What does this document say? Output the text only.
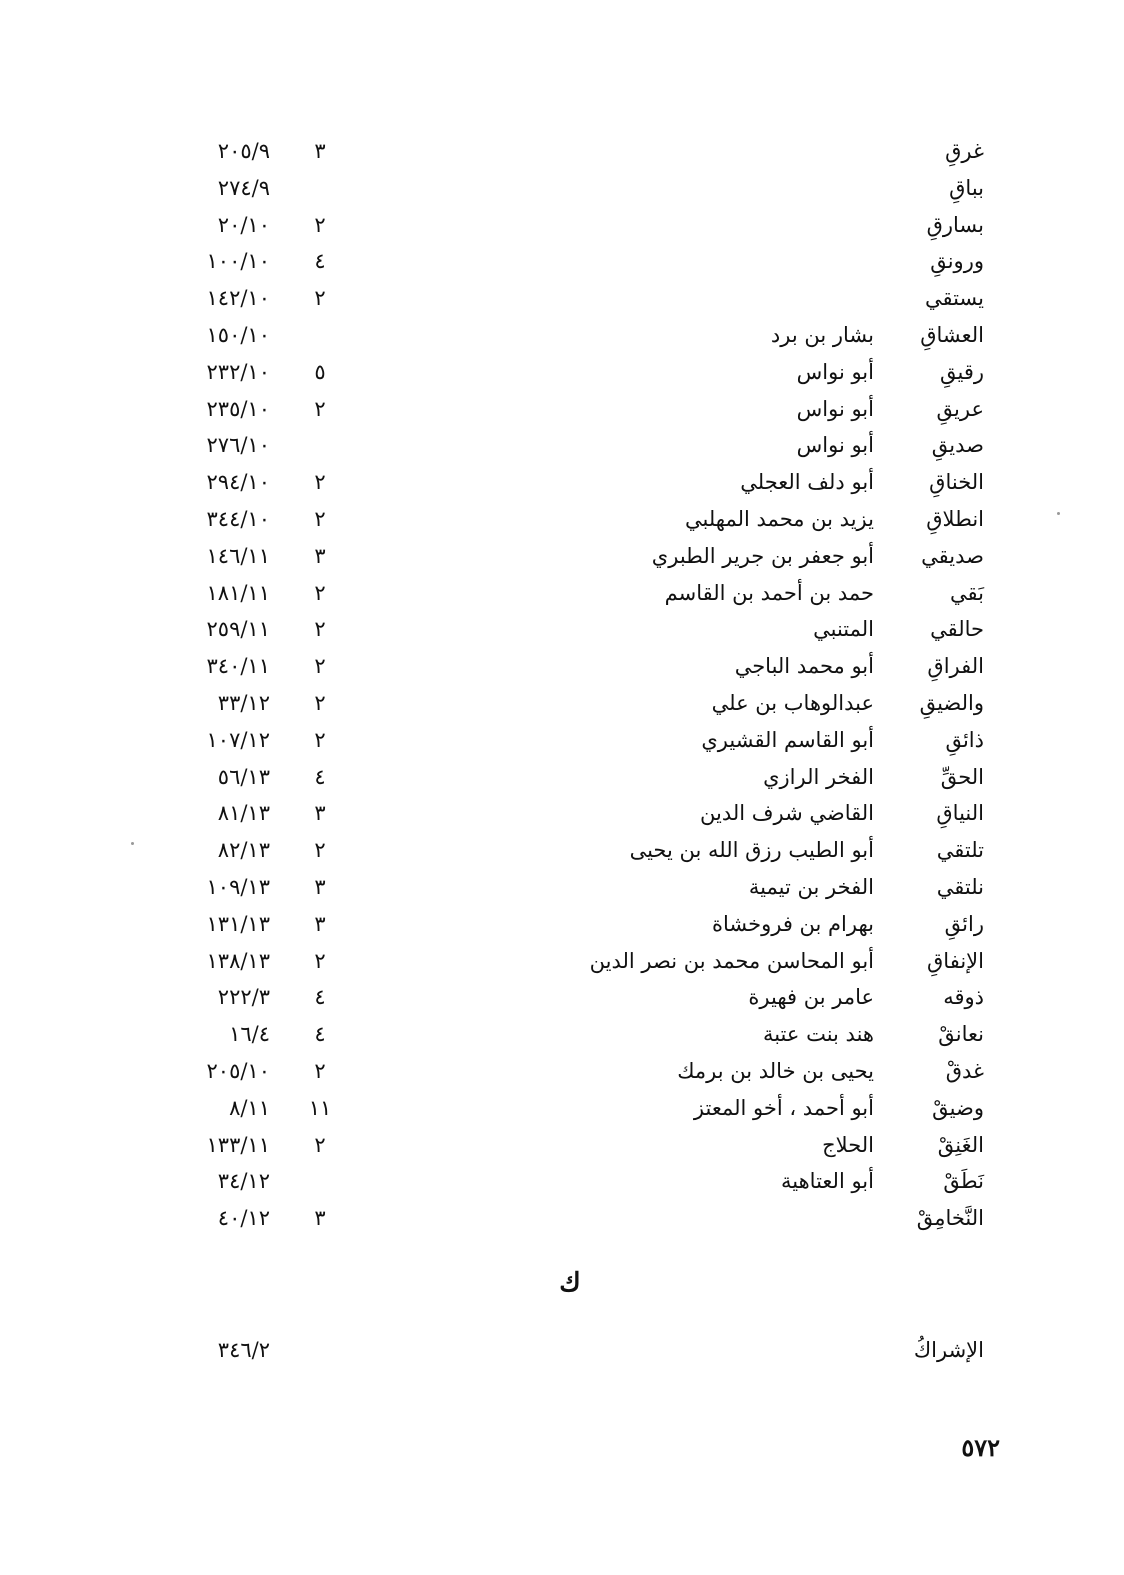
غرقِ
٣
٢٠٥/٩
بباقِ
٢٧٤/٩
بسارقِ
٢
٢٠/١٠
ورونقِ
٤
١٠٠/١٠
يستقي
٢
١٤٢/١٠
العشاقِ
بشار بن برد
١٥٠/١٠
رقيقِ
أبو نواس
٥
٢٣٢/١٠
عريقِ
أبو نواس
٢
٢٣٥/١٠
صديقِ
أبو نواس
٢٧٦/١٠
الخناقِ
أبو دلف العجلي
٢
٢٩٤/١٠
انطلاقِ
يزيد بن محمد المهلبي
٢
٣٤٤/١٠
صديقي
أبو جعفر بن جرير الطبري
٣
١٤٦/١١
بَقي
حمد بن أحمد بن القاسم
٢
١٨١/١١
حالقي
المتنبي
٢
٢٥٩/١١
الفراقِ
أبو محمد الباجي
٢
٣٤٠/١١
والضيقِ
عبدالوهاب بن علي
٢
٣٣/١٢
ذائقِ
أبو القاسم القشيري
٢
١٠٧/١٢
الحقِّ
الفخر الرازي
٤
٥٦/١٣
النياقِ
القاضي شرف الدين
٣
٨١/١٣
تلتقي
أبو الطيب رزق الله بن يحيى
٢
٨٢/١٣
نلتقي
الفخر بن تيمية
٣
١٠٩/١٣
رائقِ
بهرام بن فروخشاة
٣
١٣١/١٣
الإنفاقِ
أبو المحاسن محمد بن نصر الدين
٢
١٣٨/١٣
ذوقه
عامر بن فهيرة
٤
٢٢٢/٣
نعانقْ
هند بنت عتبة
٤
١٦/٤
غدقْ
يحيى بن خالد بن برمك
٢
٢٠٥/١٠
وضيقْ
أبو أحمد ، أخو المعتز
١١
٨/١١
الغَنِقْ
الحلاج
٢
١٣٣/١١
نَطَقْ
أبو العتاهية
٣٤/١٢
النَّخامِقْ
٣
٤٠/١٢
ك
الإشراكُ
٣٤٦/٢
٥٧٢
